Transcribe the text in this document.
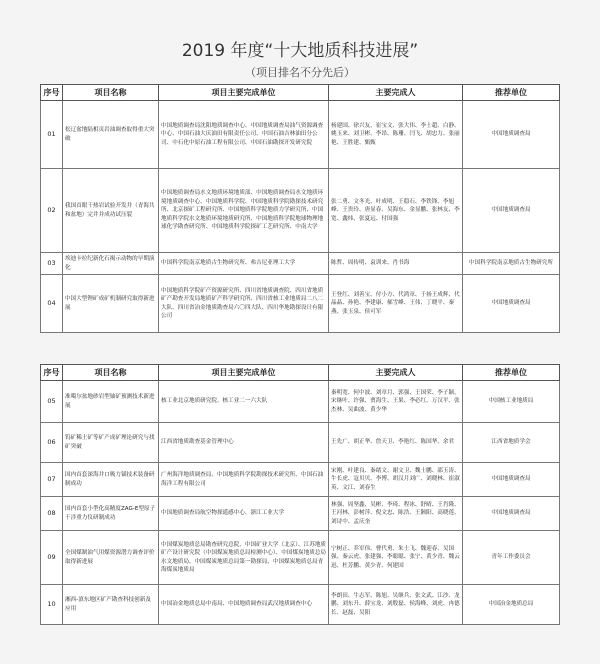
2019 年度“十大地质科技进展”
（项目排名不分先后）
序号	项目名称	项目主要完成单位	主要完成人	推荐单位
01	松辽盆地陆相页岩油调查取得重大突破	中国地质调查局沈阳地质调查中心、中国地质调查局油气资源调查中心、中国石油大庆油田有限责任公司、中国石油吉林油田分公司、中石化中原石油工程有限公司、中国石油勘探开发研究院	杨建国、徐兴友、崔宝文、张大伟、李士超、白静、姚玉来、刘卫彬、李昂、陈珊、闫飞、胡忠力、张丽艳、王胜建、甄甄	中国地质调查局
02	我国首眼干热岩试验开发井（青海共和盆地）完井并成功试压裂	中国地质调查局水文地质环境地质部、中国地质调查局水文地质环境地质调查中心、中国地质科学院、中国地质科学院勘探技术研究所、北京探矿工程研究所、中国地质科学院地质力学研究所、中国地质科学院水文地质环境地质研究所、中国地质科学院地球物理地球化学勘查研究所、中国地质科学院探矿工艺研究所、中南大学	张二勇、文冬光、叶成明、王稳石、李铁锋、李旭峰、王贵玲、唐显春、吴海东、金显鹏、张林友、李宽、鑫炜、张夏远、付国强	中国地质调查局
03	埃迪卡拉纪新化石揭示动物的早期演化	中国科学院南京地质古生物研究所、弗吉尼亚理工大学	陈哲、周传明、袁训来、肖书海	中国科学院南京地质古生物研究所
04	中国大型锂矿成矿机制研究取得新进展	中国地质科学院矿产资源研究所、四川省地质调查院、四川省地质矿产勘查开发局地质矿产科学研究所、四川省核工业地质局二八二大队、四川省冶金地质勘查局六〇四大队、四川华地勘探设计有限公司	王登红、刘善宝、付小方、代鸿章、于扬王成辉、代晶晶、孙艳、李建康、郝雪峰、王伟、丁晓平、秦燕、张玉泉、侯可军	中国地质调查局
序号	项目名称	项目主要完成单位	主要完成人	推荐单位
05	准噶尔盆地砂岩型铀矿预测技术新进展	核工业北京地质研究院、核工业二一六大队	秦明宽、何中波、刘章月、郭强、王国荣、李子颖、宋继叶、许强、贾海生、王果、李必红、万汉平、张杰林、吴曲波、黄少华	中国核工业地质局
06	钨矿稀土矿等矿产成矿理论研究与找矿突破	江西省地质勘查基金管理中心	王先广、胡正华、詹天卫、李艳红、陈国华、余君	江西省地质学会
07	国内首套深海井口吸力锚技术装备研制成功	广州海洋地质调查局、中国地质科学院勘探技术研究所、中国石油海洋工程有限公司	宋刚、叶建良、秦绪文、谢文卫、魏士鹏、邵玉涛、牛长虎、寇贝贝、李博、胡汉月刘广、刘晓林、崔淑英、文江、刘春生	中国地质调查局
08	国内首套小型化高精度ZAG-E型原子干涉重力仪研制成功	中国地质调查局航空物探遥感中心、浙江工业大学	林强、周坚鑫、吴彬、李琦、程冰、舒晴、王肖隆、王河林、彭树萍、倪文忠、陈浩、王颢阳、高晓莲、刘诗中、孟庆奎	中国地质调查局
09	全国煤制油气用煤资源潜力调查评价取得新进展	中国煤炭地质总局勘查研究总院、中国矿业大学（北京）、江苏地质矿产设计研究院（中国煤炭地质总局检测中心）、中国煤炭地质总局水文地质局、中国煤炭地质总局第一勘探局、中国煤炭地质总局青海煤炭地质局	宁树正、乔军伟、曹代勇、朱士飞、魏迎春、吴国强、秦云虎、张建强、李聪聪、张宁、黄少青、魏云迅、杜芳鹏、黄少青、何建国	青年工作委员会
10	湘西-滇东地区矿产勘查科技创新及应用	中国冶金地质总局中南局、中国地质调查局武汉地质调查中心	李朗田、牛志军、陈旭、吴继兵、张文武、江沙、龙鹏、刘东升、薛宝龙、刘殷磊、侯海峰、刘虎、冉德长、赵磊、吴阳	中国冶金地质总局
